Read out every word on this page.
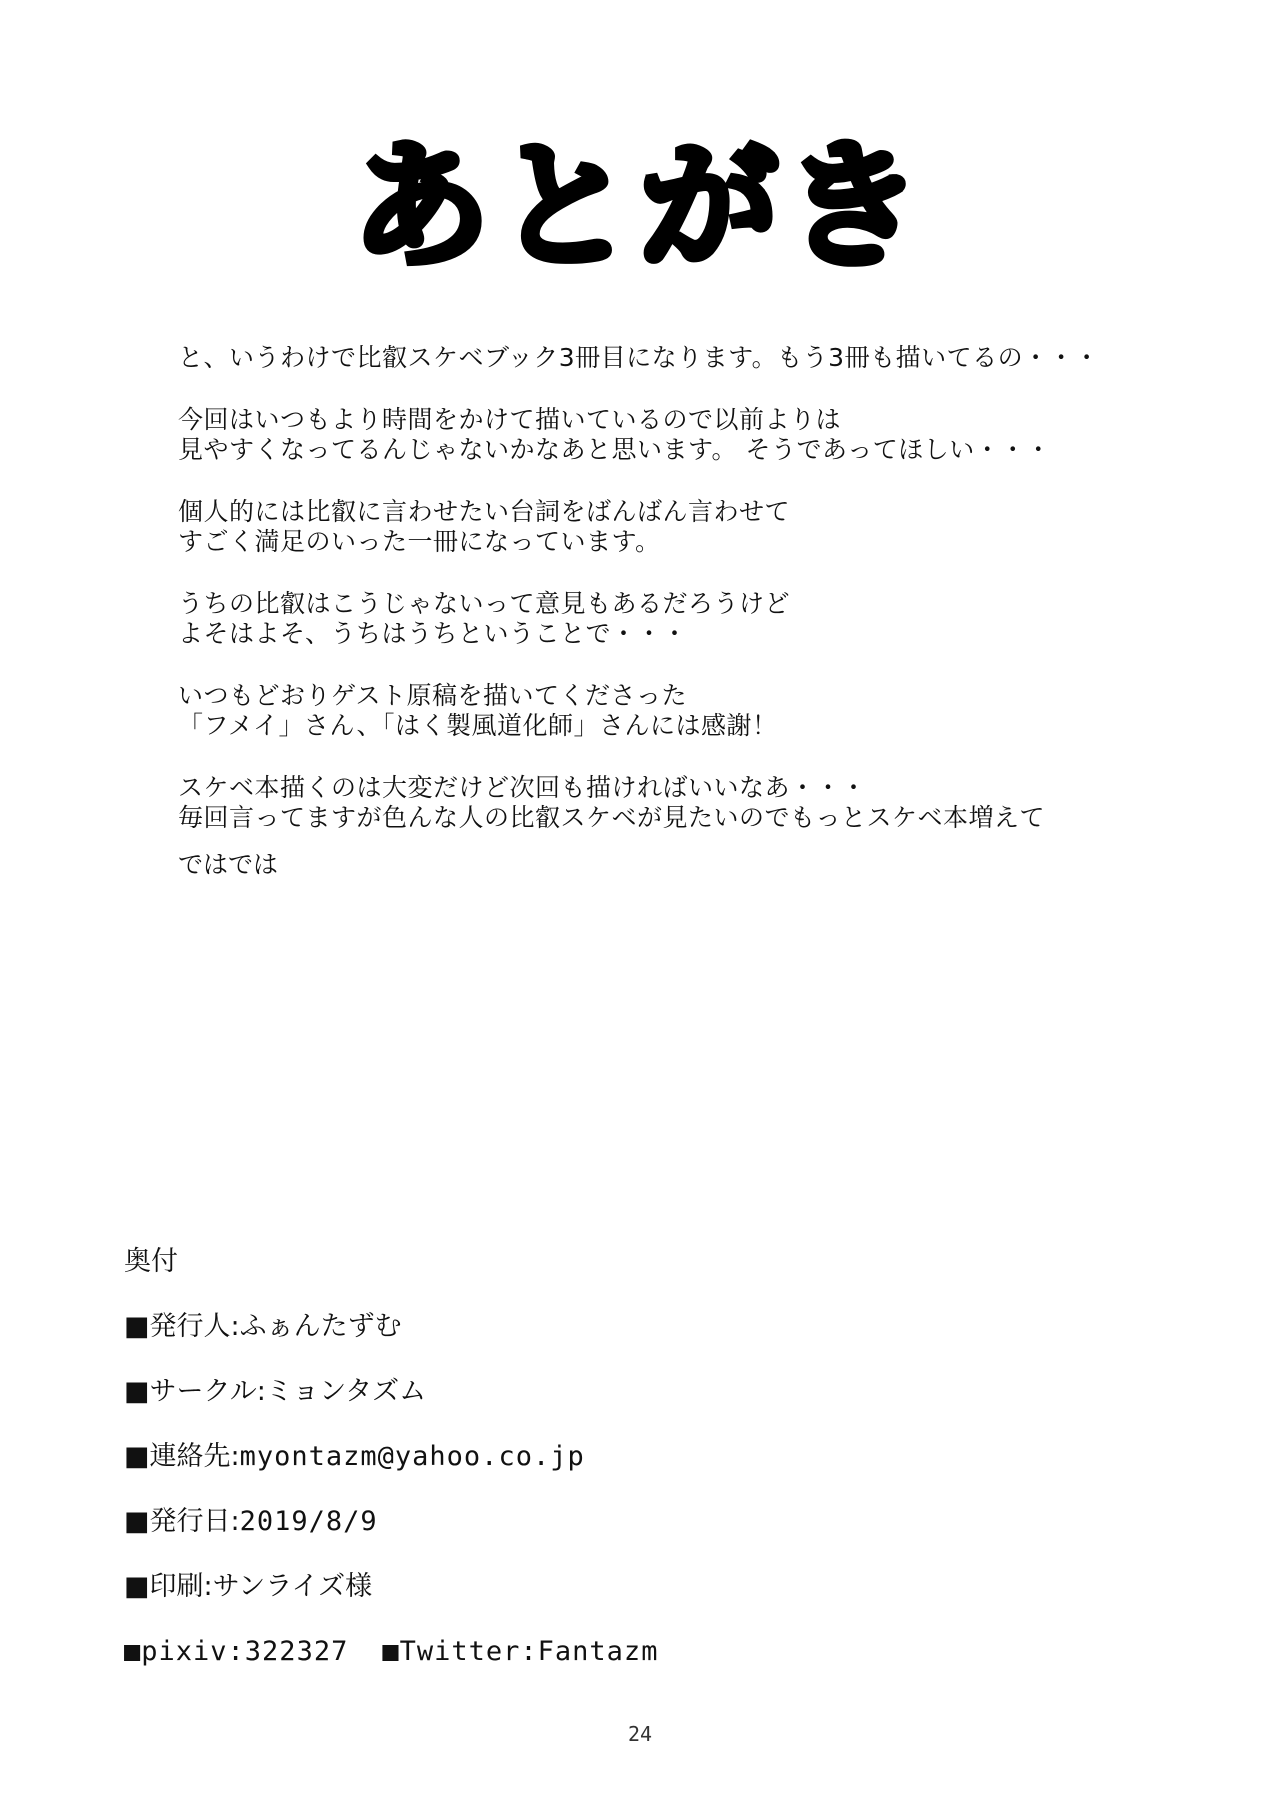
あとがき
と、いうわけで比叡スケベブック3冊目になります。もう3冊も描いてるの・・・
今回はいつもより時間をかけて描いているので以前よりは
見やすくなってるんじゃないかなあと思います。 そうであってほしい・・・
個人的には比叡に言わせたい台詞をばんばん言わせて
すごく満足のいった一冊になっています。
うちの比叡はこうじゃないって意見もあるだろうけど
よそはよそ、うちはうちということで・・・
いつもどおりゲスト原稿を描いてくださった
「フメイ」さん、「はく製風道化師」さんには感謝！
スケベ本描くのは大変だけど次回も描ければいいなあ・・・
毎回言ってますが色んな人の比叡スケベが見たいのでもっとスケベ本増えて
ではでは
奥付
■発行人:ふぁんたずむ
■サークル:ミョンタズム
■連絡先:myontazm@yahoo.co.jp
■発行日:2019/8/9
■印刷:サンライズ様
■pixiv:322327 ■Twitter:Fantazm
24
